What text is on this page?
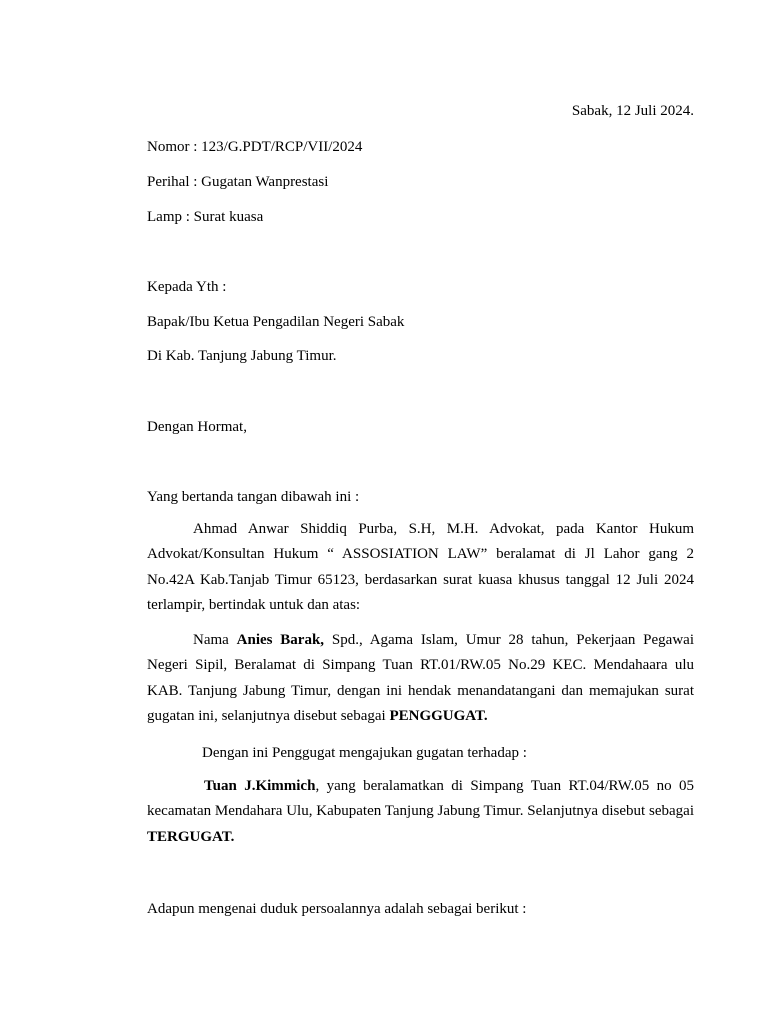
Sabak, 12 Juli 2024.
Nomor : 123/G.PDT/RCP/VII/2024
Perihal : Gugatan Wanprestasi
Lamp : Surat kuasa
Kepada Yth :
Bapak/Ibu Ketua Pengadilan Negeri Sabak
Di Kab. Tanjung Jabung Timur.
Dengan Hormat,
Yang bertanda tangan dibawah ini :
Ahmad Anwar Shiddiq Purba, S.H, M.H. Advokat, pada Kantor Hukum Advokat/Konsultan Hukum “ ASSOSIATION LAW” beralamat di Jl Lahor gang 2 No.42A Kab.Tanjab Timur 65123, berdasarkan surat kuasa khusus tanggal 12 Juli 2024 terlampir, bertindak untuk dan atas:
Nama Anies Barak, Spd., Agama Islam, Umur 28 tahun, Pekerjaan Pegawai Negeri Sipil, Beralamat di Simpang Tuan RT.01/RW.05 No.29 KEC. Mendahaara ulu KAB. Tanjung Jabung Timur, dengan ini hendak menandatangani dan memajukan surat gugatan ini, selanjutnya disebut sebagai PENGGUGAT.
Dengan ini Penggugat mengajukan gugatan terhadap :
Tuan J.Kimmich, yang beralamatkan di Simpang Tuan RT.04/RW.05 no 05 kecamatan Mendahara Ulu, Kabupaten Tanjung Jabung Timur. Selanjutnya disebut sebagai TERGUGAT.
Adapun mengenai duduk persoalannya adalah sebagai berikut :
